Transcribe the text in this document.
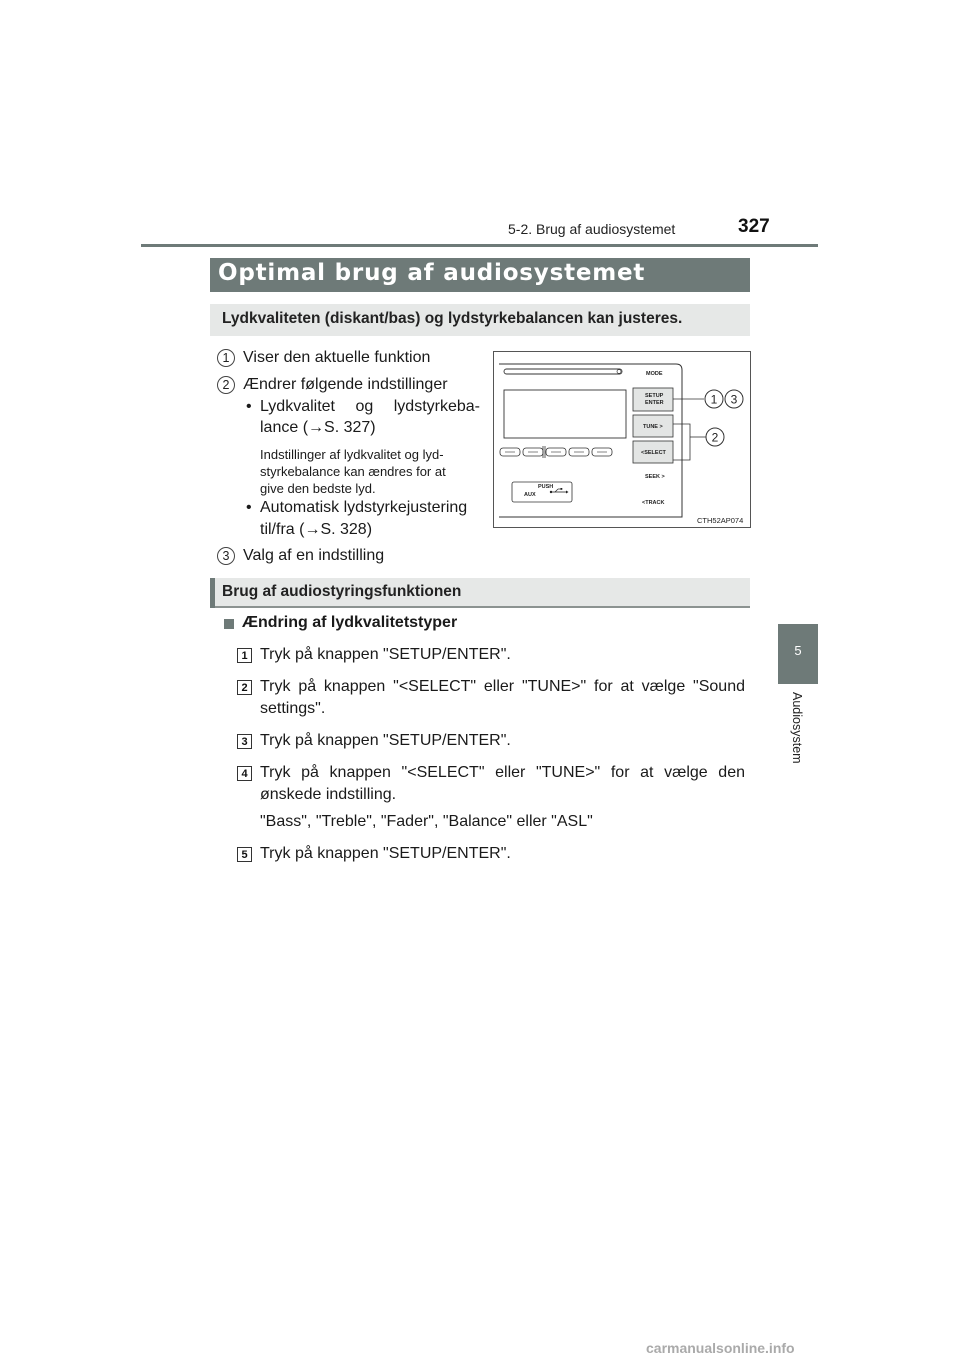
5-2. Brug af audiosystemet	327
5
Audiosystem
Optimal brug af audiosystemet
Lydkvaliteten (diskant/bas) og lydstyrkebalancen kan justeres.
1 Viser den aktuelle funktion
2 Ændrer følgende indstillinger
• Lydkvalitet og lydstyrkeba-
lance (→S. 327)
Indstillinger af lydkvalitet og lyd-
styrkebalance kan ændres for at
give den bedste lyd.
• Automatisk lydstyrkejustering
til/fra (→S. 328)
3 Valg af en indstilling
PUSH
AUX
MODE
SETUP
ENTER
TUNE >
<SELECT
SEEK >
<TRACK
1 3
2
CTH52AP074
Brug af audiostyringsfunktionen
Ændring af lydkvalitetstyper
1 Tryk på knappen "SETUP/ENTER".
2 Tryk på knappen "<SELECT" eller "TUNE>" for at vælge "Sound
settings".
3 Tryk på knappen "SETUP/ENTER".
4 Tryk på knappen "<SELECT" eller "TUNE>" for at vælge den
ønskede indstilling.
"Bass", "Treble", "Fader", "Balance" eller "ASL"
5 Tryk på knappen "SETUP/ENTER".
carmanualsonline.info
